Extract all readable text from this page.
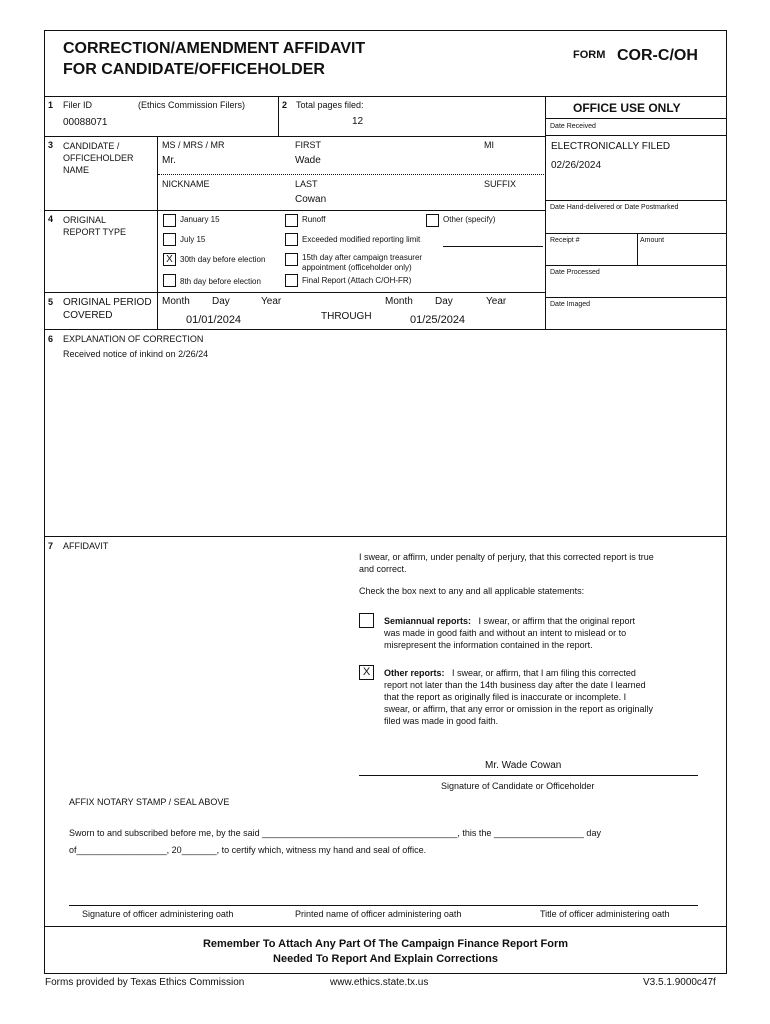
CORRECTION/AMENDMENT AFFIDAVIT
FOR CANDIDATE/OFFICEHOLDER
FORM COR-C/OH
1 Filer ID	(Ethics Commission Filers)
00088071
2 Total pages filed:
12
OFFICE USE ONLY
Date Received
ELECTRONICALLY FILED
02/26/2024
Date Hand-delivered or Date Postmarked
Receipt #	Amount
Date Processed
Date Imaged
3 CANDIDATE /
OFFICEHOLDER
NAME
MS / MRS / MR
Mr.
FIRST
Wade
MI
NICKNAME	LAST
Cowan
SUFFIX
4 ORIGINAL
REPORT TYPE
January 15
July 15
X 30th day before election
8th day before election
Runoff
Exceeded modified reporting limit
15th day after campaign treasurer
appointment (officeholder only)
Final Report (Attach C/OH-FR)
Other (specify)
5 ORIGINAL PERIOD
COVERED
Month Day	Year
01/01/2024	THROUGH
Month Day	Year
01/25/2024
6 EXPLANATION OF CORRECTION
Received notice of inkind on 2/26/24
7 AFFIDAVIT
I swear, or affirm, under penalty of perjury, that this corrected report is true
and correct.
Check the box next to any and all applicable statements:
Semiannual reports: I swear, or affirm that the original report
was made in good faith and without an intent to mislead or to
misrepresent the information contained in the report.
X	Other reports: I swear, or affirm, that I am filing this corrected
report not later than the 14th business day after the date I learned
that the report as originally filed is inaccurate or incomplete. I
swear, or affirm, that any error or omission in the report as originally
filed was made in good faith.
Mr. Wade Cowan
Signature of Candidate or Officeholder
AFFIX NOTARY STAMP / SEAL ABOVE
Sworn to and subscribed before me, by the said _______________________________________, this the __________________ day
of__________________, 20_______, to certify which, witness my hand and seal of office.
Signature of officer administering oath	Printed name of officer administering oath	Title of officer administering oath
Remember To Attach Any Part Of The Campaign Finance Report Form
Needed To Report And Explain Corrections
Forms provided by Texas Ethics Commission	www.ethics.state.tx.us	V3.5.1.9000c47f
